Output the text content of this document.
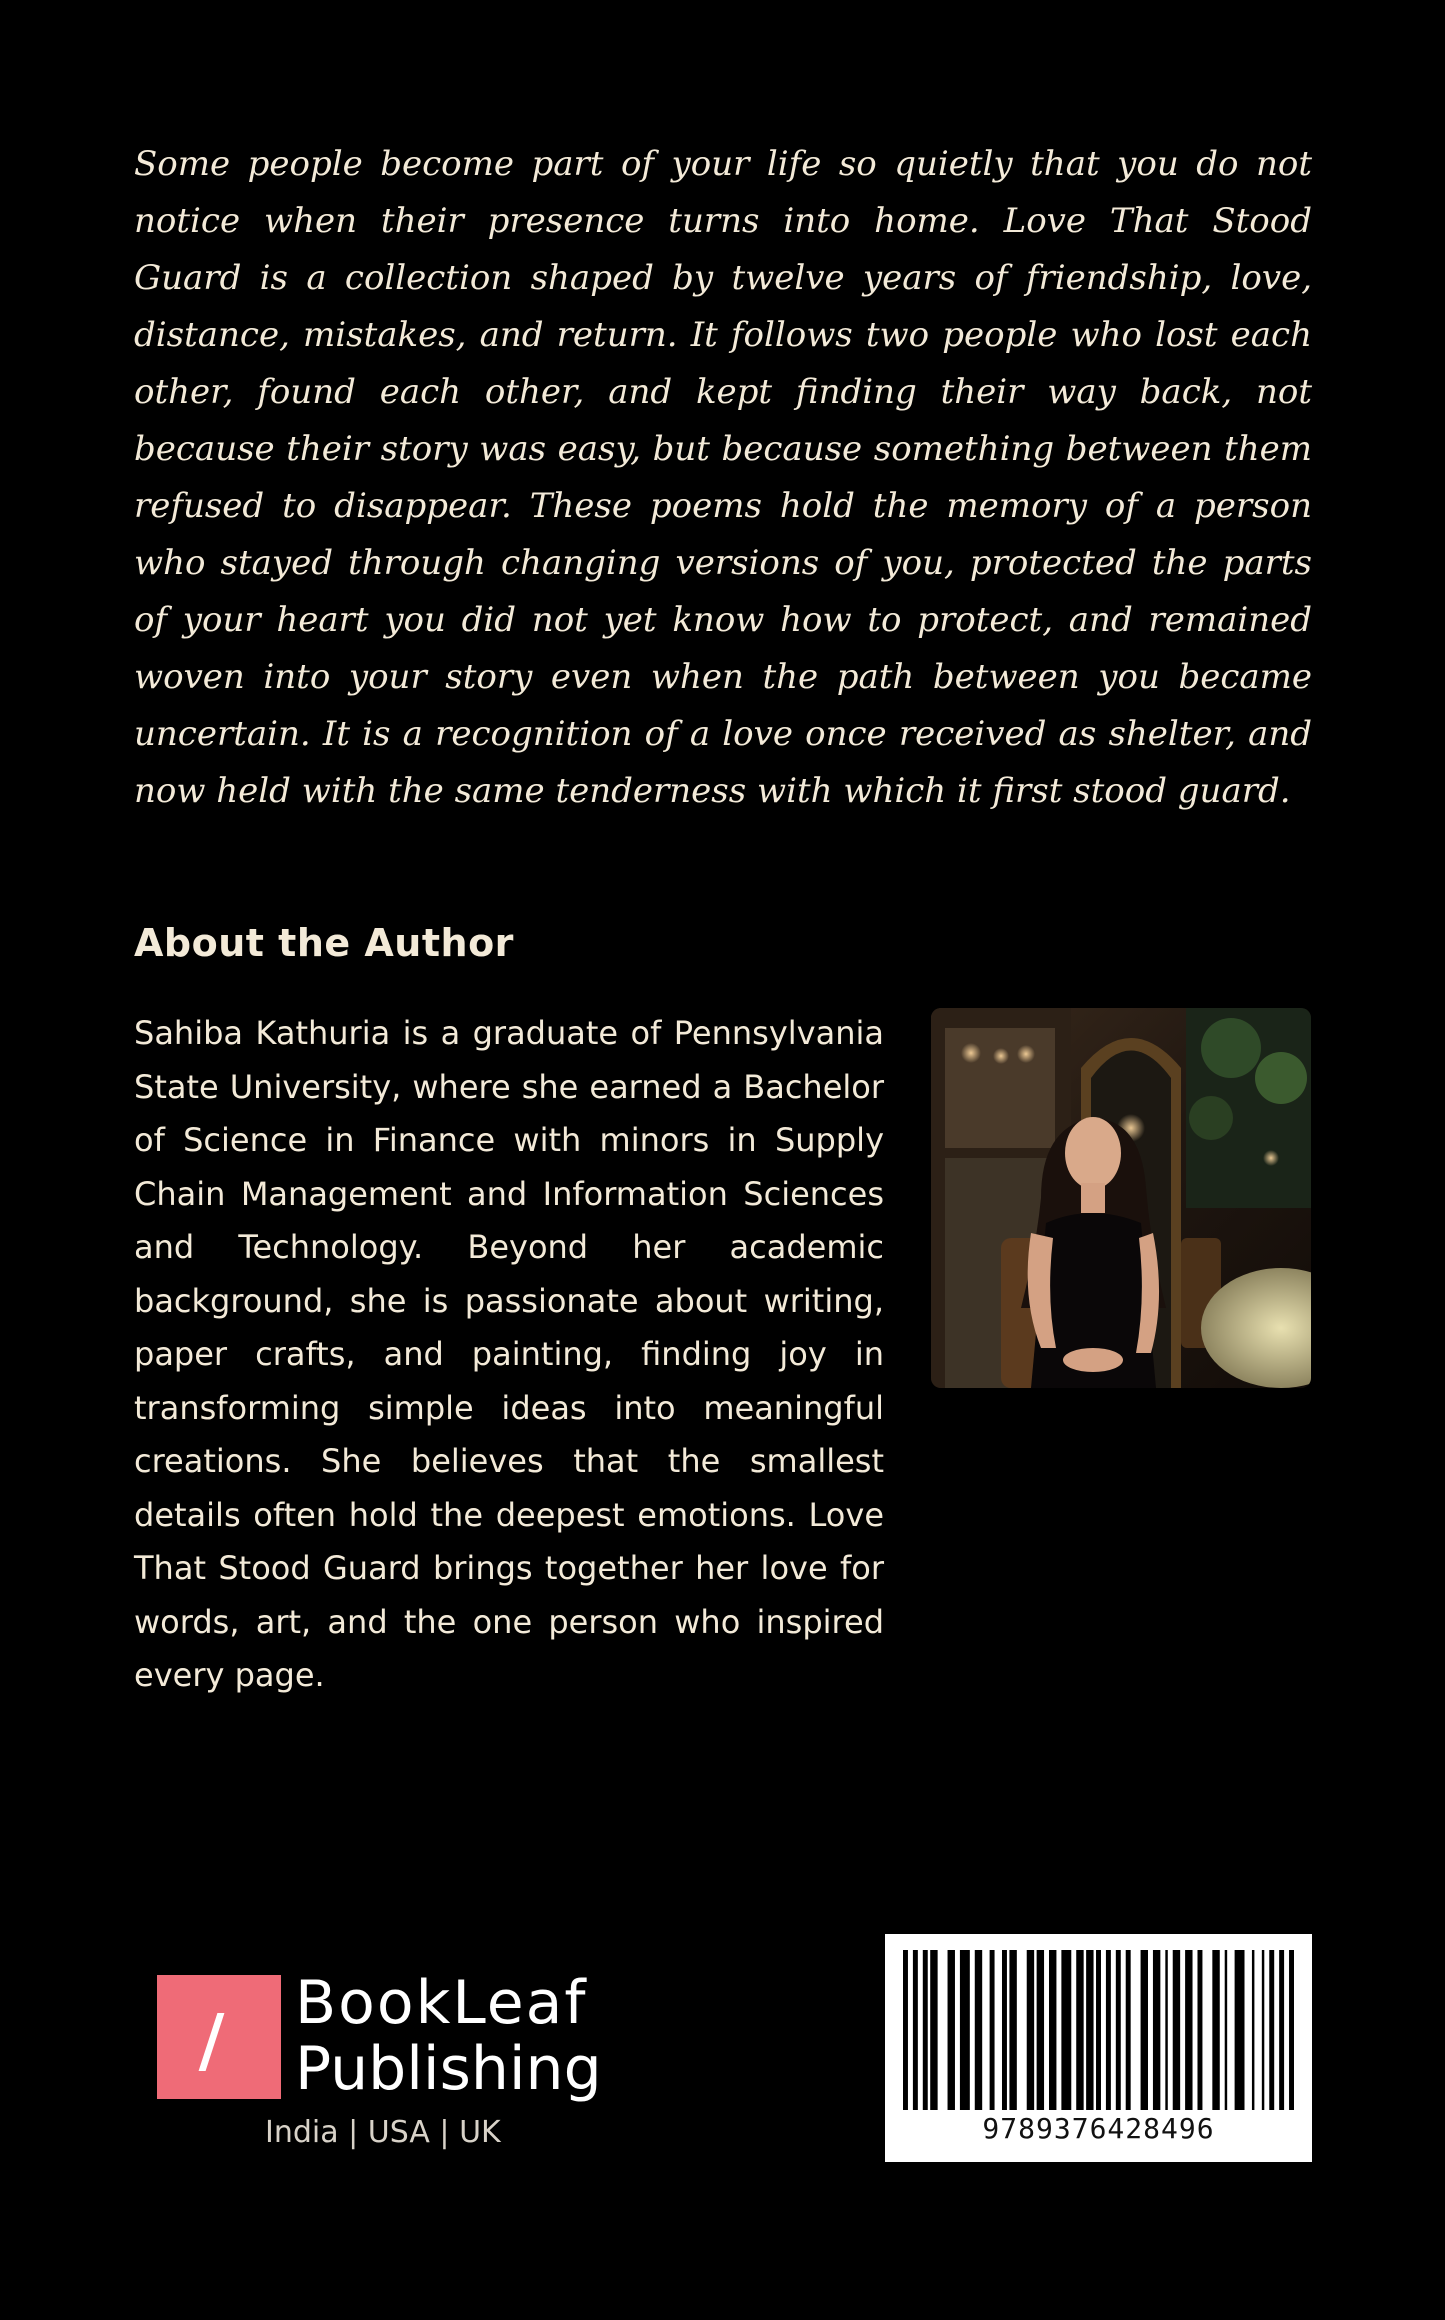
Some people become part of your life so quietly that you do not notice when their presence turns into home. Love That Stood Guard is a collection shaped by twelve years of friendship, love, distance, mistakes, and return. It follows two people who lost each other, found each other, and kept finding their way back, not because their story was easy, but because something between them refused to disappear. These poems hold the memory of a person who stayed through changing versions of you, protected the parts of your heart you did not yet know how to protect, and remained woven into your story even when the path between you became uncertain. It is a recognition of a love once received as shelter, and now held with the same tenderness with which it first stood guard.

About the Author

Sahiba Kathuria is a graduate of Pennsylvania State University, where she earned a Bachelor of Science in Finance with minors in Supply Chain Management and Information Sciences and Technology. Beyond her academic background, she is passionate about writing, paper crafts, and painting, finding joy in transforming simple ideas into meaningful creations. She believes that the smallest details often hold the deepest emotions. Love That Stood Guard brings together her love for words, art, and the one person who inspired every page.

BookLeaf
Publishing
India | USA | UK	9789376428496
